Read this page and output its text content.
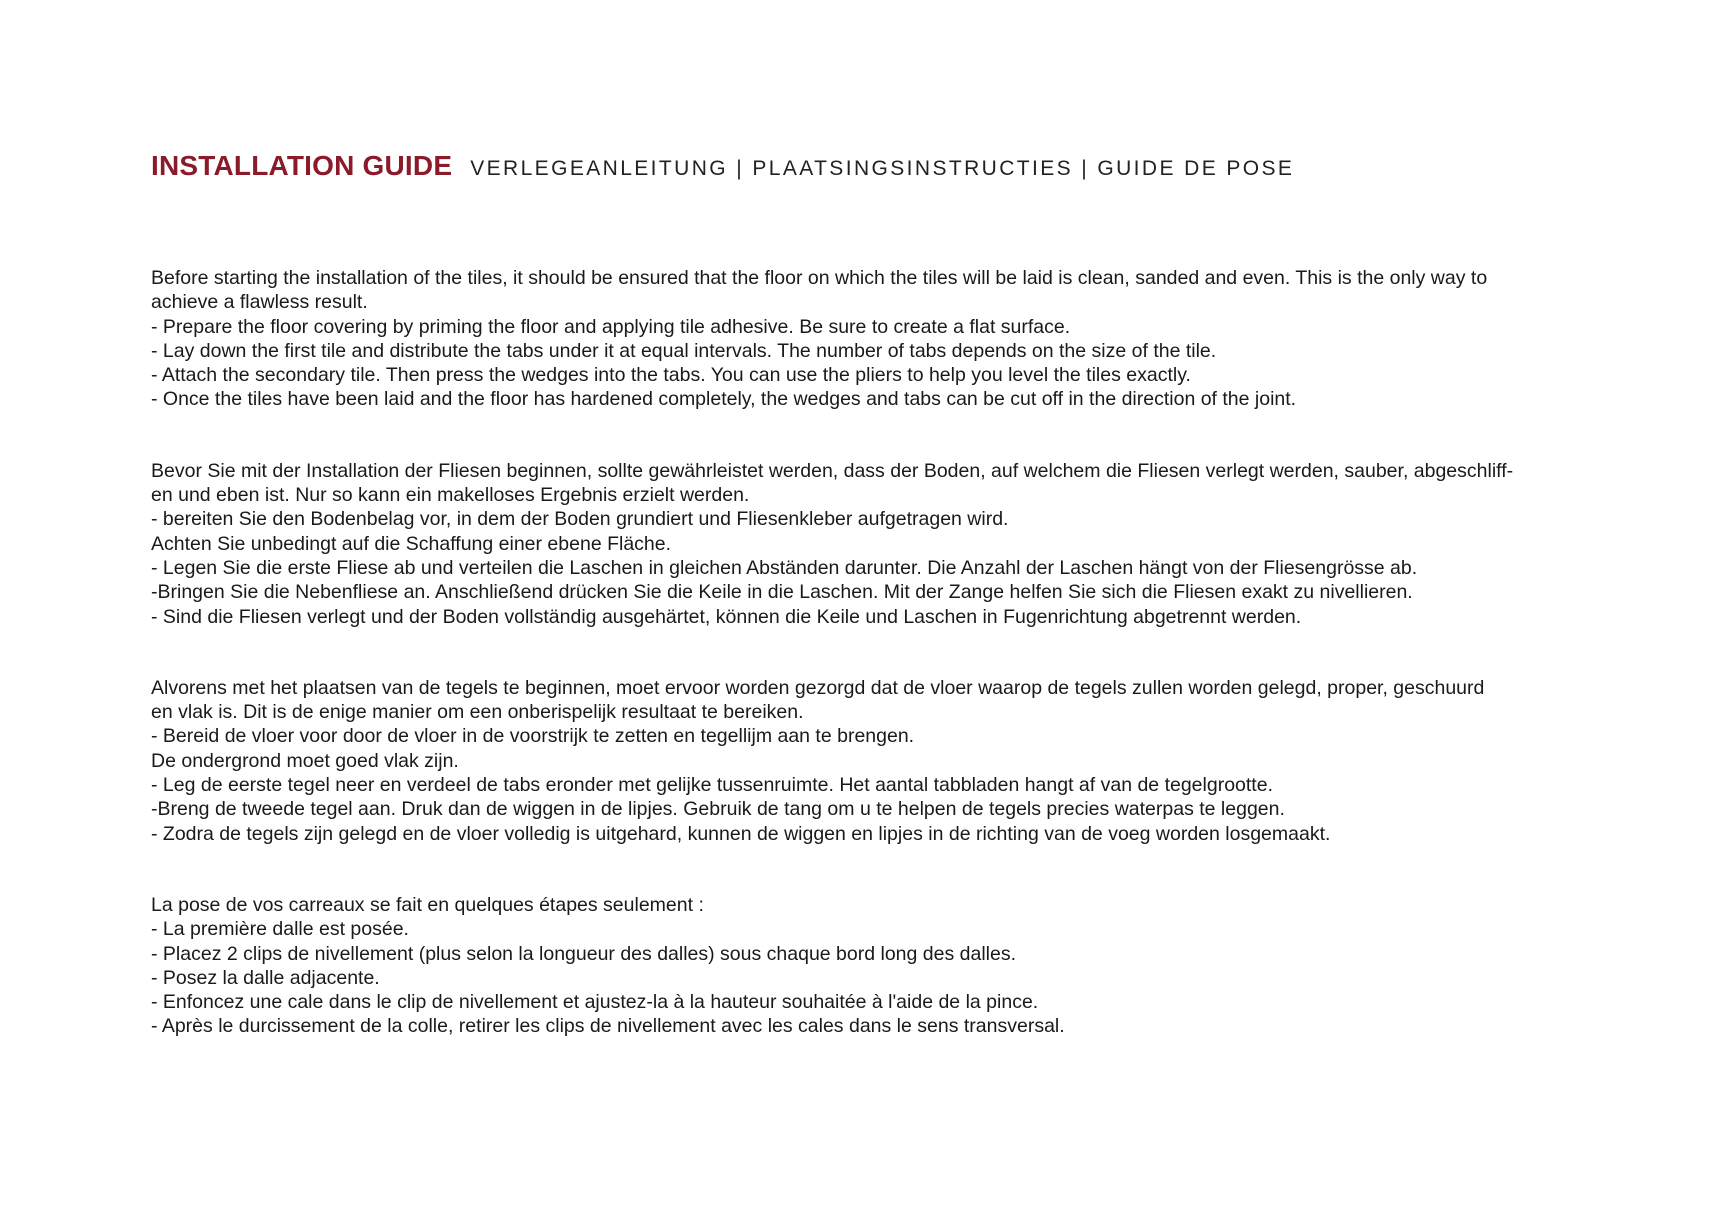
INSTALLATION GUIDE VERLEGEANLEITUNG | PLAATSINGSINSTRUCTIES | GUIDE DE POSE
Before starting the installation of the tiles, it should be ensured that the floor on which the tiles will be laid is clean, sanded and even. This is the only way to
achieve a flawless result.
- Prepare the floor covering by priming the floor and applying tile adhesive. Be sure to create a flat surface.
- Lay down the first tile and distribute the tabs under it at equal intervals. The number of tabs depends on the size of the tile.
- Attach the secondary tile. Then press the wedges into the tabs. You can use the pliers to help you level the tiles exactly.
- Once the tiles have been laid and the floor has hardened completely, the wedges and tabs can be cut off in the direction of the joint.
Bevor Sie mit der Installation der Fliesen beginnen, sollte gewährleistet werden, dass der Boden, auf welchem die Fliesen verlegt werden, sauber, abgeschliff-
en und eben ist. Nur so kann ein makelloses Ergebnis erzielt werden.
- bereiten Sie den Bodenbelag vor, in dem der Boden grundiert und Fliesenkleber aufgetragen wird.
Achten Sie unbedingt auf die Schaffung einer ebene Fläche.
- Legen Sie die erste Fliese ab und verteilen die Laschen in gleichen Abständen darunter. Die Anzahl der Laschen hängt von der Fliesengrösse ab.
-Bringen Sie die Nebenfliese an. Anschließend drücken Sie die Keile in die Laschen. Mit der Zange helfen Sie sich die Fliesen exakt zu nivellieren.
- Sind die Fliesen verlegt und der Boden vollständig ausgehärtet, können die Keile und Laschen in Fugenrichtung abgetrennt werden.
Alvorens met het plaatsen van de tegels te beginnen, moet ervoor worden gezorgd dat de vloer waarop de tegels zullen worden gelegd, proper, geschuurd
en vlak is. Dit is de enige manier om een onberispelijk resultaat te bereiken.
- Bereid de vloer voor door de vloer in de voorstrijk te zetten en tegellijm aan te brengen.
De ondergrond moet goed vlak zijn.
- Leg de eerste tegel neer en verdeel de tabs eronder met gelijke tussenruimte. Het aantal tabbladen hangt af van de tegelgrootte.
-Breng de tweede tegel aan. Druk dan de wiggen in de lipjes. Gebruik de tang om u te helpen de tegels precies waterpas te leggen.
- Zodra de tegels zijn gelegd en de vloer volledig is uitgehard, kunnen de wiggen en lipjes in de richting van de voeg worden losgemaakt.
La pose de vos carreaux se fait en quelques étapes seulement :
- La première dalle est posée.
- Placez 2 clips de nivellement (plus selon la longueur des dalles) sous chaque bord long des dalles.
- Posez la dalle adjacente.
- Enfoncez une cale dans le clip de nivellement et ajustez-la à la hauteur souhaitée à l'aide de la pince.
- Après le durcissement de la colle, retirer les clips de nivellement avec les cales dans le sens transversal.
